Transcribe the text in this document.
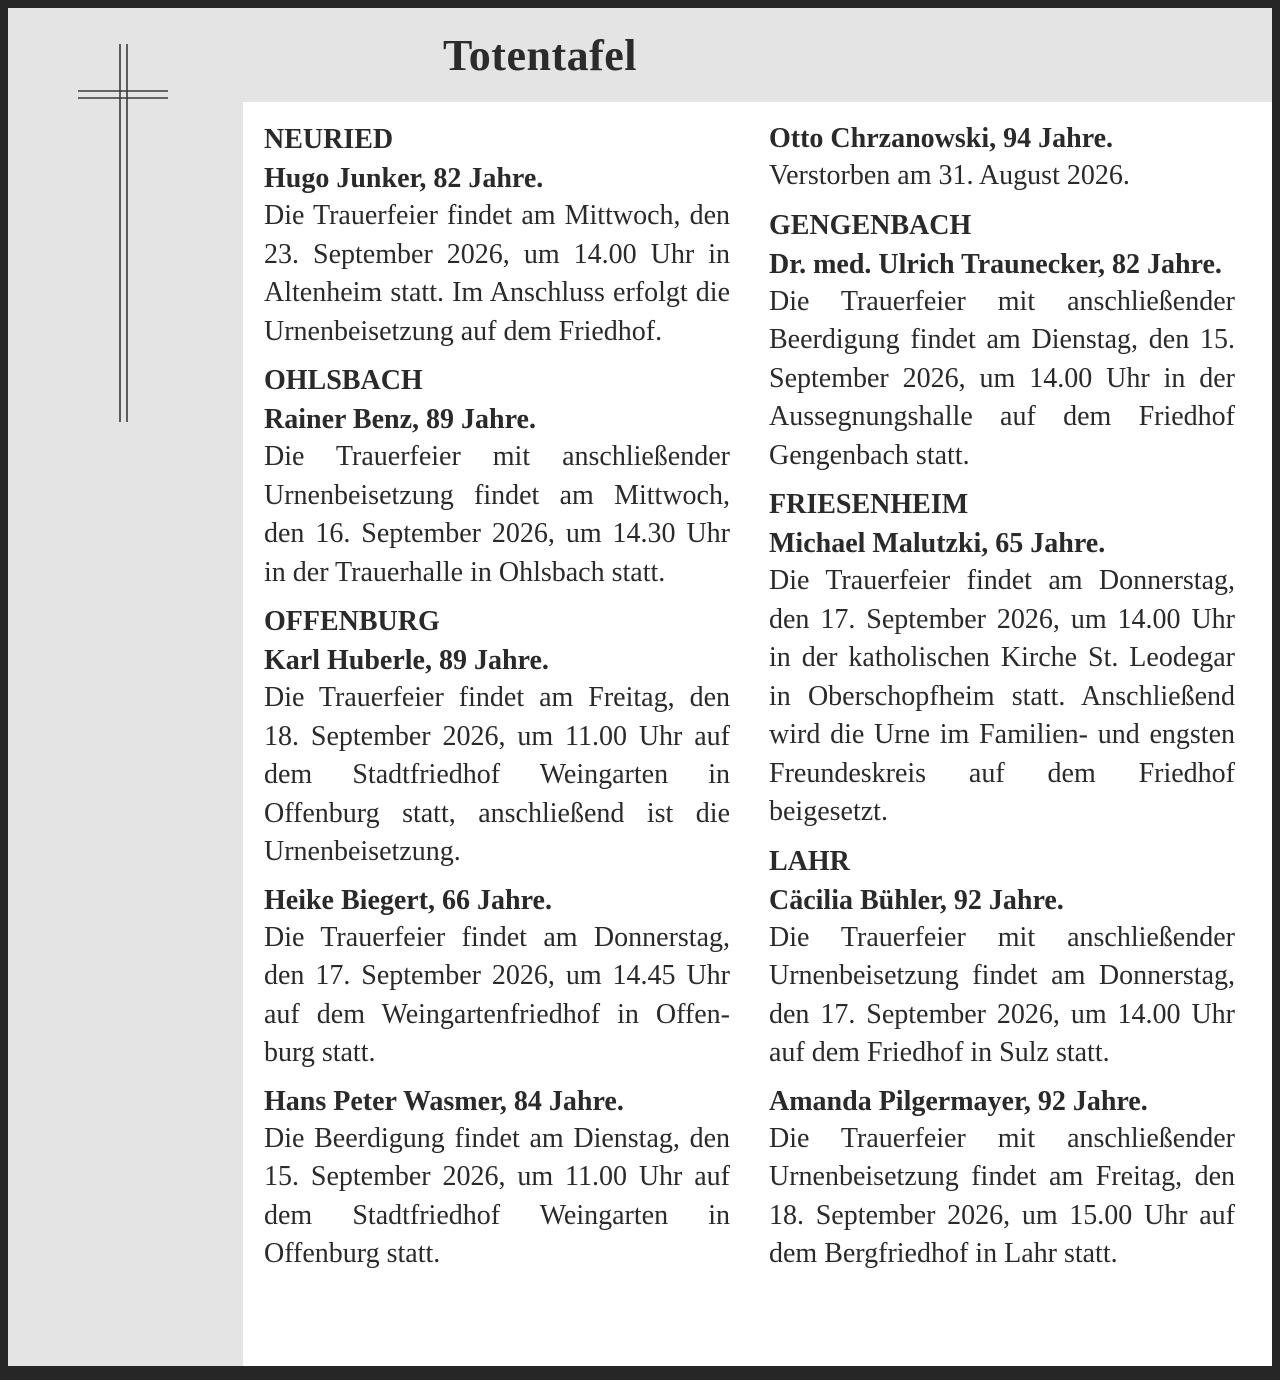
Totentafel
NEURIED
Hugo Junker, 82 Jahre.

Die Trauerfeier findet am Mittwoch, den 23. September 2026, um 14.00 Uhr in Altenheim statt. Im Anschluss erfolgt die Urnenbeisetzung auf dem Friedhof.

OHLSBACH
Rainer Benz, 89 Jahre.

Die Trauerfeier mit anschließender Urnenbeisetzung findet am Mittwoch, den 16. September 2026, um 14.30 Uhr in der Trauerhalle in Ohlsbach statt.

OFFENBURG
Karl Huberle, 89 Jahre.

Die Trauerfeier findet am Freitag, den 18. September 2026, um 11.00 Uhr auf dem Stadtfriedhof Weingarten in Offenburg statt, anschließend ist die Urnenbeisetzung.

Heike Biegert, 66 Jahre.

Die Trauerfeier findet am Donnerstag, den 17. September 2026, um 14.45 Uhr auf dem Weingartenfriedhof in Offenburg statt.

Hans Peter Wasmer, 84 Jahre.

Die Beerdigung findet am Dienstag, den 15. September 2026, um 11.00 Uhr auf dem Stadtfriedhof Weingarten in Offenburg statt.

Otto Chrzanowski, 94 Jahre.

Verstorben am 31. August 2026.

GENGENBACH
Dr. med. Ulrich Traunecker, 82 Jahre.

Die Trauerfeier mit anschließender Beerdigung findet am Dienstag, den 15. September 2026, um 14.00 Uhr in der Aussegnungshalle auf dem Friedhof Gengenbach statt.

FRIESENHEIM
Michael Malutzki, 65 Jahre.

Die Trauerfeier findet am Donnerstag, den 17. September 2026, um 14.00 Uhr in der katholischen Kirche St. Leodegar in Oberschopfheim statt. Anschließend wird die Urne im Familien- und engsten Freundeskreis auf dem Friedhof beigesetzt.

LAHR
Cäcilia Bühler, 92 Jahre.

Die Trauerfeier mit anschließender Urnenbeisetzung findet am Donnerstag, den 17. September 2026, um 14.00 Uhr auf dem Friedhof in Sulz statt.

Amanda Pilgermayer, 92 Jahre.

Die Trauerfeier mit anschließender Urnenbeisetzung findet am Freitag, den 18. September 2026, um 15.00 Uhr auf dem Bergfriedhof in Lahr statt.
